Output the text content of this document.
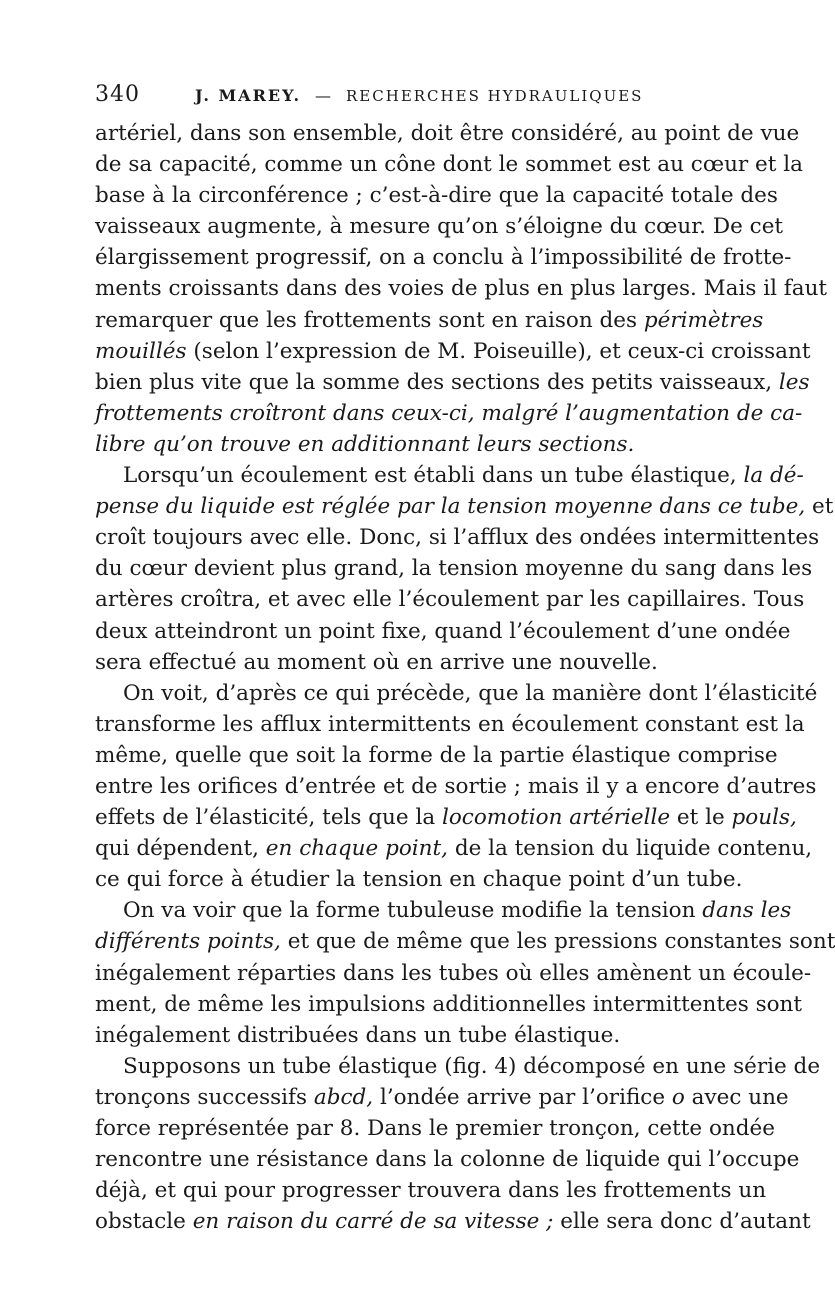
340	J. MAREY. — RECHERCHES HYDRAULIQUES
artériel, dans son ensemble, doit être considéré, au point de vue
de sa capacité, comme un cône dont le sommet est au cœur et la
base à la circonférence ; c’est-à-dire que la capacité totale des
vaisseaux augmente, à mesure qu’on s’éloigne du cœur. De cet
élargissement progressif, on a conclu à l’impossibilité de frotte-
ments croissants dans des voies de plus en plus larges. Mais il faut
remarquer que les frottements sont en raison des périmètres
mouillés (selon l’expression de M. Poiseuille), et ceux-ci croissant
bien plus vite que la somme des sections des petits vaisseaux, les
frottements croîtront dans ceux-ci, malgré l’augmentation de ca-
libre qu’on trouve en additionnant leurs sections.
Lorsqu’un écoulement est établi dans un tube élastique, la dé-
pense du liquide est réglée par la tension moyenne dans ce tube, et
croît toujours avec elle. Donc, si l’afflux des ondées intermittentes
du cœur devient plus grand, la tension moyenne du sang dans les
artères croîtra, et avec elle l’écoulement par les capillaires. Tous
deux atteindront un point fixe, quand l’écoulement d’une ondée
sera effectué au moment où en arrive une nouvelle.
On voit, d’après ce qui précède, que la manière dont l’élasticité
transforme les afflux intermittents en écoulement constant est la
même, quelle que soit la forme de la partie élastique comprise
entre les orifices d’entrée et de sortie ; mais il y a encore d’autres
effets de l’élasticité, tels que la locomotion artérielle et le pouls,
qui dépendent, en chaque point, de la tension du liquide contenu,
ce qui force à étudier la tension en chaque point d’un tube.
On va voir que la forme tubuleuse modifie la tension dans les
différents points, et que de même que les pressions constantes sont
inégalement réparties dans les tubes où elles amènent un écoule-
ment, de même les impulsions additionnelles intermittentes sont
inégalement distribuées dans un tube élastique.
Supposons un tube élastique (fig. 4) décomposé en une série de
tronçons successifs abcd, l’ondée arrive par l’orifice o avec une
force représentée par 8. Dans le premier tronçon, cette ondée
rencontre une résistance dans la colonne de liquide qui l’occupe
déjà, et qui pour progresser trouvera dans les frottements un
obstacle en raison du carré de sa vitesse ; elle sera donc d’autant
